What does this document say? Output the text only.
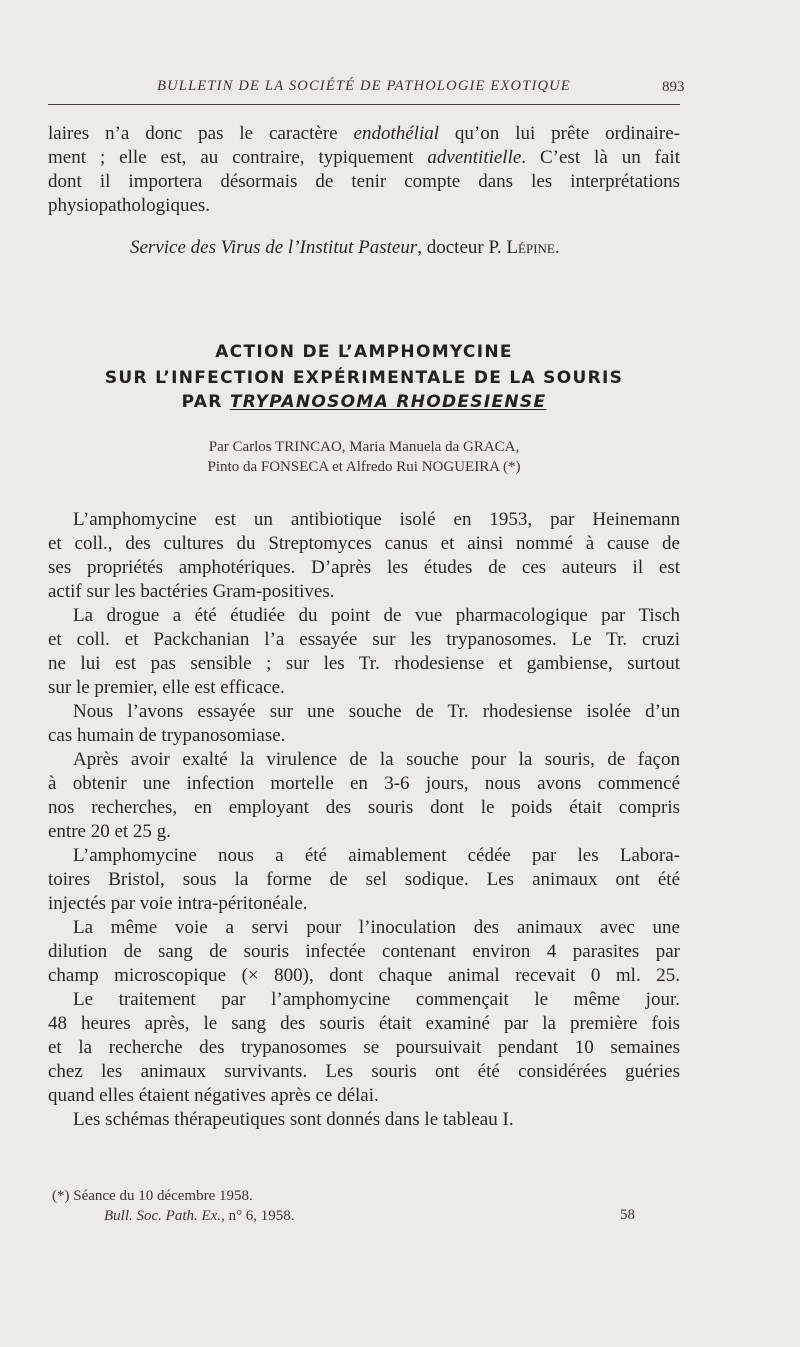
BULLETIN DE LA SOCIÉTÉ DE PATHOLOGIE EXOTIQUE	893
laires n’a donc pas le caractère endothélial qu’on lui prête ordinaire-
ment ; elle est, au contraire, typiquement adventitielle. C’est là un fait
dont il importera désormais de tenir compte dans les interprétations
physiopathologiques.
Service des Virus de l’Institut Pasteur, docteur P. Lépine.
ACTION DE L’AMPHOMYCINE
SUR L’INFECTION EXPÉRIMENTALE DE LA SOURIS
PAR TRYPANOSOMA RHODESIENSE
Par Carlos TRINCAO, Maria Manuela da GRACA,
Pinto da FONSECA et Alfredo Rui NOGUEIRA (*)
L’amphomycine est un antibiotique isolé en 1953, par Heinemann
et coll., des cultures du Streptomyces canus et ainsi nommé à cause de
ses propriétés amphotériques. D’après les études de ces auteurs il est
actif sur les bactéries Gram-positives.
La drogue a été étudiée du point de vue pharmacologique par Tisch
et coll. et Packchanian l’a essayée sur les trypanosomes. Le Tr. cruzi
ne lui est pas sensible ; sur les Tr. rhodesiense et gambiense, surtout
sur le premier, elle est efficace.
Nous l’avons essayée sur une souche de Tr. rhodesiense isolée d’un
cas humain de trypanosomiase.
Après avoir exalté la virulence de la souche pour la souris, de façon
à obtenir une infection mortelle en 3-6 jours, nous avons commencé
nos recherches, en employant des souris dont le poids était compris
entre 20 et 25 g.
L’amphomycine nous a été aimablement cédée par les Labora-
toires Bristol, sous la forme de sel sodique. Les animaux ont été
injectés par voie intra-péritonéale.
La même voie a servi pour l’inoculation des animaux avec une
dilution de sang de souris infectée contenant environ 4 parasites par
champ microscopique (× 800), dont chaque animal recevait 0 ml. 25.
Le traitement par l’amphomycine commençait le même jour.
48 heures après, le sang des souris était examiné par la première fois
et la recherche des trypanosomes se poursuivait pendant 10 semaines
chez les animaux survivants. Les souris ont été considérées guéries
quand elles étaient négatives après ce délai.
Les schémas thérapeutiques sont donnés dans le tableau I.
(*) Séance du 10 décembre 1958.
Bull. Soc. Path. Ex., n° 6, 1958.	58
